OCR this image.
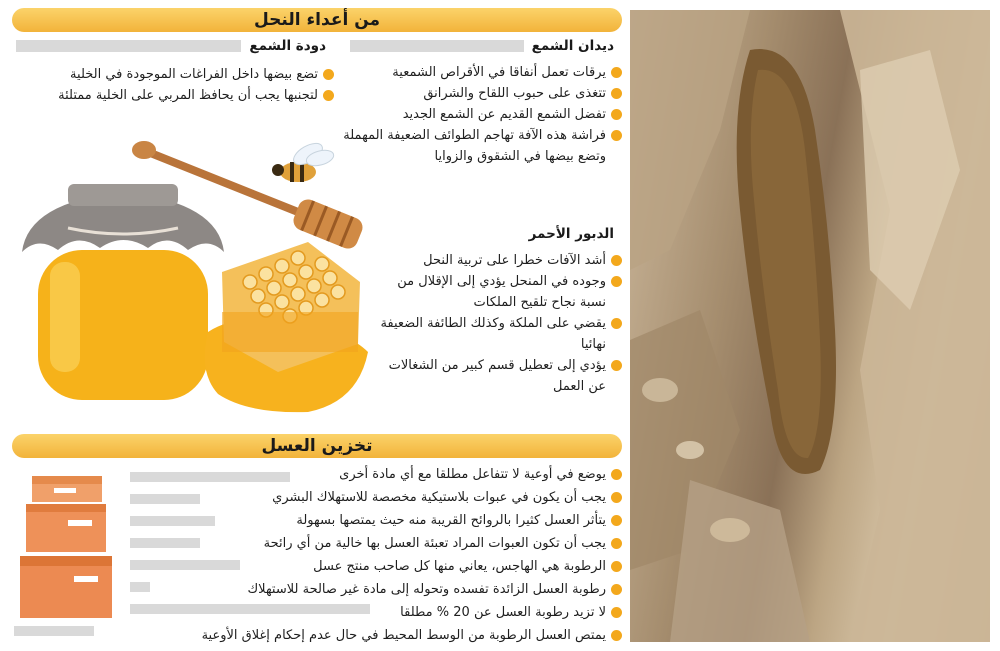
من أعداء النحل
ديدان الشمع
يرقات تعمل أنفاقا في الأقراص الشمعية
تتغذى على حبوب اللقاح والشرانق
تفضل الشمع القديم عن الشمع الجديد
فراشة هذه الآفة تهاجم الطوائف الضعيفة المهملة وتضع بيضها في الشقوق والزوايا
دودة الشمع
تضع بيضها داخل الفراغات الموجودة في الخلية
لتجنبها يجب أن يحافظ المربي على الخلية ممتلئة
الدبور الأحمر
أشد الآفات خطرا على تربية النحل
وجوده في المنحل يؤدي إلى الإقلال من نسبة نجاح تلقيح الملكات
يقضي على الملكة وكذلك الطائفة الضعيفة نهائيا
يؤدي إلى تعطيل قسم كبير من الشغالات عن العمل
تخزين العسل
يوضع في أوعية لا تتفاعل مطلقا مع أي مادة أخرى
يجب أن يكون في عبوات بلاستيكية مخصصة للاستهلاك البشري
يتأثر العسل كثيرا بالروائح القريبة منه حيث يمتصها بسهولة
يجب أن تكون العبوات المراد تعبئة العسل بها خالية من أي رائحة
الرطوبة هي الهاجس، يعاني منها كل صاحب منتج عسل
رطوبة العسل الزائدة تفسده وتحوله إلى مادة غير صالحة للاستهلاك
لا تزيد رطوبة العسل عن 20 % مطلقا
يمتص العسل الرطوبة من الوسط المحيط في حال عدم إحكام إغلاق الأوعية
